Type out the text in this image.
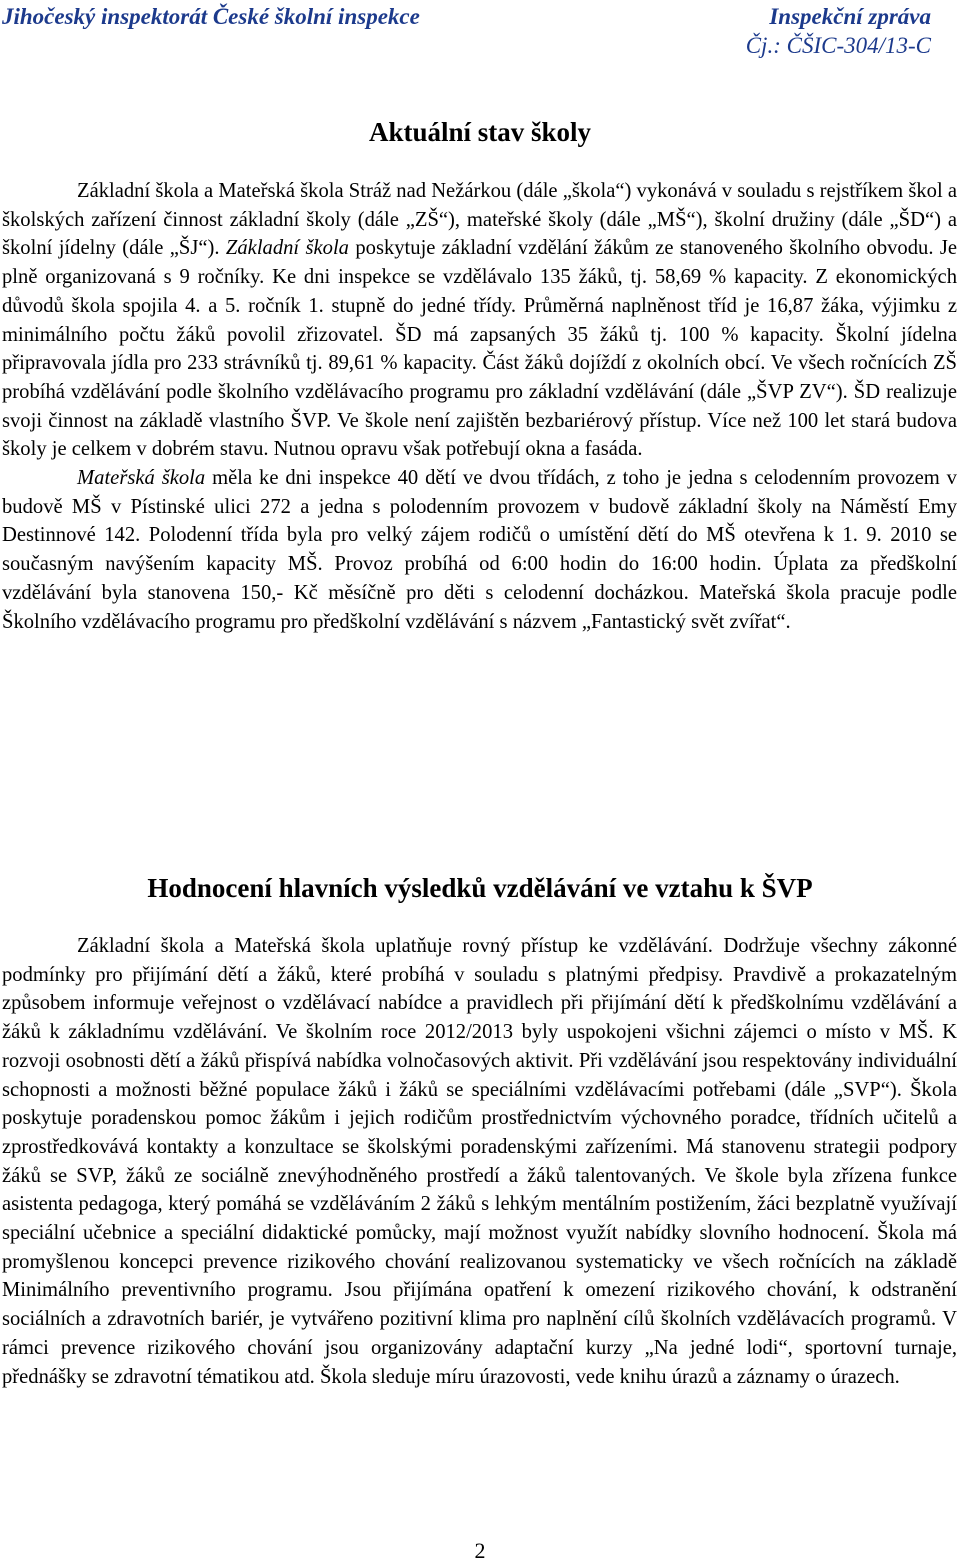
Jihočeský inspektorát České školní inspekce	Inspekční zpráva
Čj.: ČŠIC-304/13-C
Aktuální stav školy

Základní škola a Mateřská škola Stráž nad Nežárkou (dále „škola“) vykonává v souladu s rejstříkem škol a školských zařízení činnost základní školy (dále „ZŠ“), mateřské školy (dále „MŠ“), školní družiny (dále „ŠD“) a školní jídelny (dále „ŠJ“). Základní škola poskytuje základní vzdělání žákům ze stanoveného školního obvodu. Je plně organizovaná s 9 ročníky. Ke dni inspekce se vzdělávalo 135 žáků, tj. 58,69 % kapacity. Z ekonomických důvodů škola spojila 4. a 5. ročník 1. stupně do jedné třídy. Průměrná naplněnost tříd je 16,87 žáka, výjimku z minimálního počtu žáků povolil zřizovatel. ŠD má zapsaných 35 žáků tj. 100 % kapacity. Školní jídelna připravovala jídla pro 233 strávníků tj. 89,61 % kapacity. Část žáků dojíždí z okolních obcí. Ve všech ročnících ZŠ probíhá vzdělávání podle školního vzdělávacího programu pro základní vzdělávání (dále „ŠVP ZV“). ŠD realizuje svoji činnost na základě vlastního ŠVP. Ve škole není zajištěn bezbariérový přístup. Více než 100 let stará budova školy je celkem v dobrém stavu. Nutnou opravu však potřebují okna a fasáda.

Mateřská škola měla ke dni inspekce 40 dětí ve dvou třídách, z toho je jedna s celodenním provozem v budově MŠ v Pístinské ulici 272 a jedna s polodenním provozem v budově základní školy na Náměstí Emy Destinnové 142. Polodenní třída byla pro velký zájem rodičů o umístění dětí do MŠ otevřena k 1. 9. 2010 se současným navýšením kapacity MŠ. Provoz probíhá od 6:00 hodin do 16:00 hodin. Úplata za předškolní vzdělávání byla stanovena 150,- Kč měsíčně pro děti s celodenní docházkou. Mateřská škola pracuje podle Školního vzdělávacího programu pro předškolní vzdělávání s názvem „Fantastický svět zvířat“.

Hodnocení hlavních výsledků vzdělávání ve vztahu k ŠVP

Základní škola a Mateřská škola uplatňuje rovný přístup ke vzdělávání. Dodržuje všechny zákonné podmínky pro přijímání dětí a žáků, které probíhá v souladu s platnými předpisy. Pravdivě a prokazatelným způsobem informuje veřejnost o vzdělávací nabídce a pravidlech při přijímání dětí k předškolnímu vzdělávání a žáků k základnímu vzdělávání. Ve školním roce 2012/2013 byly uspokojeni všichni zájemci o místo v MŠ. K rozvoji osobnosti dětí a žáků přispívá nabídka volnočasových aktivit. Při vzdělávání jsou respektovány individuální schopnosti a možnosti běžné populace žáků i žáků se speciálními vzdělávacími potřebami (dále „SVP“). Škola poskytuje poradenskou pomoc žákům i jejich rodičům prostřednictvím výchovného poradce, třídních učitelů a zprostředkovává kontakty a konzultace se školskými poradenskými zařízeními. Má stanovenu strategii podpory žáků se SVP, žáků ze sociálně znevýhodněného prostředí a žáků talentovaných. Ve škole byla zřízena funkce asistenta pedagoga, který pomáhá se vzděláváním 2 žáků s lehkým mentálním postižením, žáci bezplatně využívají speciální učebnice a speciální didaktické pomůcky, mají možnost využít nabídky slovního hodnocení. Škola má promyšlenou koncepci prevence rizikového chování realizovanou systematicky ve všech ročnících na základě Minimálního preventivního programu. Jsou přijímána opatření k omezení rizikového chování, k odstranění sociálních a zdravotních bariér, je vytvářeno pozitivní klima pro naplnění cílů školních vzdělávacích programů. V rámci prevence rizikového chování jsou organizovány adaptační kurzy „Na jedné lodi“, sportovní turnaje, přednášky se zdravotní tématikou atd. Škola sleduje míru úrazovosti, vede knihu úrazů a záznamy o úrazech.

2
